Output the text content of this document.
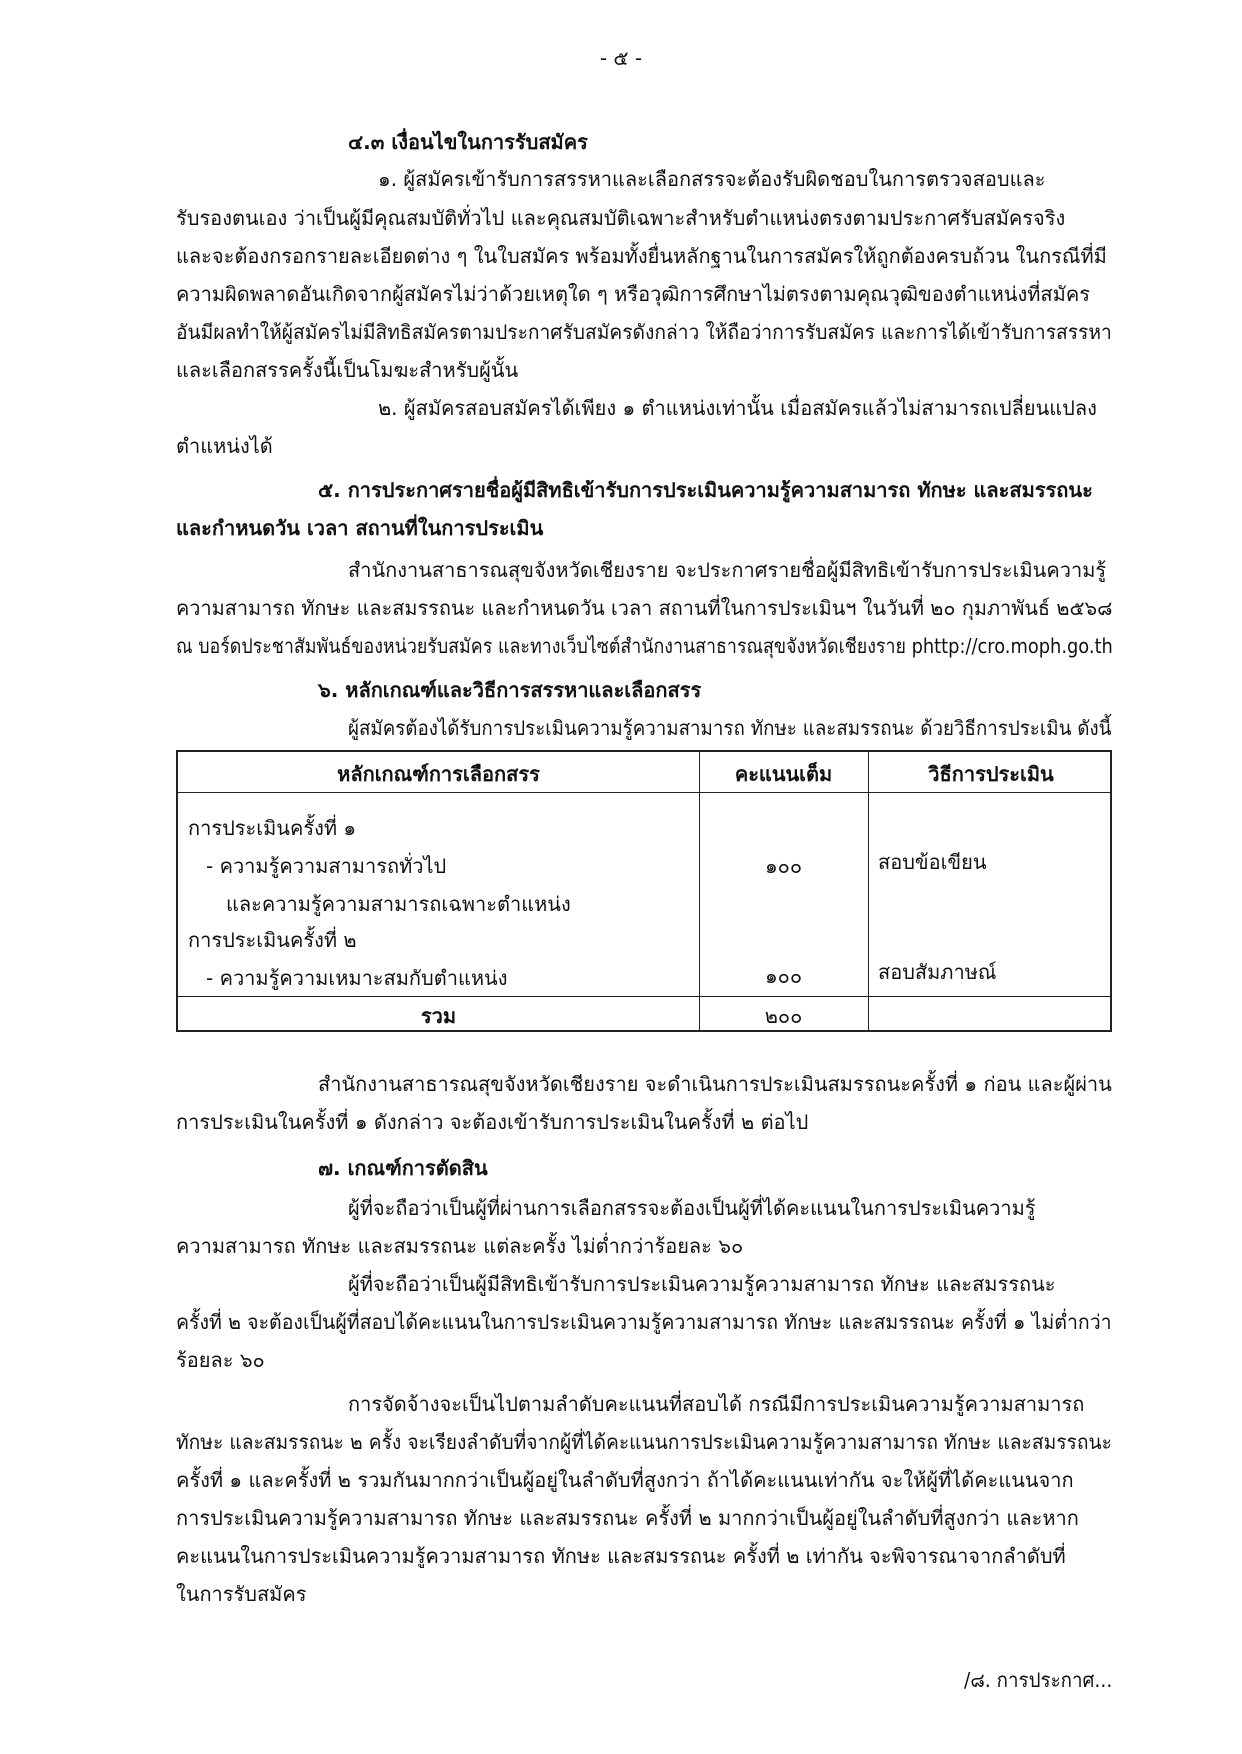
- ๕ -
๔.๓ เงื่อนไขในการรับสมัคร
๑. ผู้สมัครเข้ารับการสรรหาและเลือกสรรจะต้องรับผิดชอบในการตรวจสอบและ
รับรองตนเอง ว่าเป็นผู้มีคุณสมบัติทั่วไป และคุณสมบัติเฉพาะสำหรับตำแหน่งตรงตามประกาศรับสมัครจริง
และจะต้องกรอกรายละเอียดต่าง ๆ ในใบสมัคร พร้อมทั้งยื่นหลักฐานในการสมัครให้ถูกต้องครบถ้วน ในกรณีที่มี
ความผิดพลาดอันเกิดจากผู้สมัครไม่ว่าด้วยเหตุใด ๆ หรือวุฒิการศึกษาไม่ตรงตามคุณวุฒิของตำแหน่งที่สมัคร
อันมีผลทำให้ผู้สมัครไม่มีสิทธิสมัครตามประกาศรับสมัครดังกล่าว ให้ถือว่าการรับสมัคร และการได้เข้ารับการสรรหา
และเลือกสรรครั้งนี้เป็นโมฆะสำหรับผู้นั้น
๒. ผู้สมัครสอบสมัครได้เพียง ๑ ตำแหน่งเท่านั้น เมื่อสมัครแล้วไม่สามารถเปลี่ยนแปลง
ตำแหน่งได้
๕. การประกาศรายชื่อผู้มีสิทธิเข้ารับการประเมินความรู้ความสามารถ ทักษะ และสมรรถนะ
และกำหนดวัน เวลา สถานที่ในการประเมิน
สำนักงานสาธารณสุขจังหวัดเชียงราย จะประกาศรายชื่อผู้มีสิทธิเข้ารับการประเมินความรู้
ความสามารถ ทักษะ และสมรรถนะ และกำหนดวัน เวลา สถานที่ในการประเมินฯ ในวันที่ ๒๐ กุมภาพันธ์ ๒๕๖๘
ณ บอร์ดประชาสัมพันธ์ของหน่วยรับสมัคร และทางเว็บไซต์สำนักงานสาธารณสุขจังหวัดเชียงราย phttp://cro.moph.go.th
๖. หลักเกณฑ์และวิธีการสรรหาและเลือกสรร
ผู้สมัครต้องได้รับการประเมินความรู้ความสามารถ ทักษะ และสมรรถนะ ด้วยวิธีการประเมิน ดังนี้
หลักเกณฑ์การเลือกสรร	คะแนนเต็ม	วิธีการประเมิน
การประเมินครั้งที่ ๑
- ความรู้ความสามารถทั่วไป
และความรู้ความสามารถเฉพาะตำแหน่ง
๑๐๐	สอบข้อเขียน
การประเมินครั้งที่ ๒
- ความรู้ความเหมาะสมกับตำแหน่ง	๑๐๐	สอบสัมภาษณ์
รวม	๒๐๐
สำนักงานสาธารณสุขจังหวัดเชียงราย จะดำเนินการประเมินสมรรถนะครั้งที่ ๑ ก่อน และผู้ผ่าน
การประเมินในครั้งที่ ๑ ดังกล่าว จะต้องเข้ารับการประเมินในครั้งที่ ๒ ต่อไป
๗. เกณฑ์การตัดสิน
ผู้ที่จะถือว่าเป็นผู้ที่ผ่านการเลือกสรรจะต้องเป็นผู้ที่ได้คะแนนในการประเมินความรู้
ความสามารถ ทักษะ และสมรรถนะ แต่ละครั้ง ไม่ต่ำกว่าร้อยละ ๖๐
ผู้ที่จะถือว่าเป็นผู้มีสิทธิเข้ารับการประเมินความรู้ความสามารถ ทักษะ และสมรรถนะ
ครั้งที่ ๒ จะต้องเป็นผู้ที่สอบได้คะแนนในการประเมินความรู้ความสามารถ ทักษะ และสมรรถนะ ครั้งที่ ๑ ไม่ต่ำกว่า
ร้อยละ ๖๐
การจัดจ้างจะเป็นไปตามลำดับคะแนนที่สอบได้ กรณีมีการประเมินความรู้ความสามารถ
ทักษะ และสมรรถนะ ๒ ครั้ง จะเรียงลำดับที่จากผู้ที่ได้คะแนนการประเมินความรู้ความสามารถ ทักษะ และสมรรถนะ
ครั้งที่ ๑ และครั้งที่ ๒ รวมกันมากกว่าเป็นผู้อยู่ในลำดับที่สูงกว่า ถ้าได้คะแนนเท่ากัน จะให้ผู้ที่ได้คะแนนจาก
การประเมินความรู้ความสามารถ ทักษะ และสมรรถนะ ครั้งที่ ๒ มากกว่าเป็นผู้อยู่ในลำดับที่สูงกว่า และหาก
คะแนนในการประเมินความรู้ความสามารถ ทักษะ และสมรรถนะ ครั้งที่ ๒ เท่ากัน จะพิจารณาจากลำดับที่
ในการรับสมัคร
/๘. การประกาศ...
